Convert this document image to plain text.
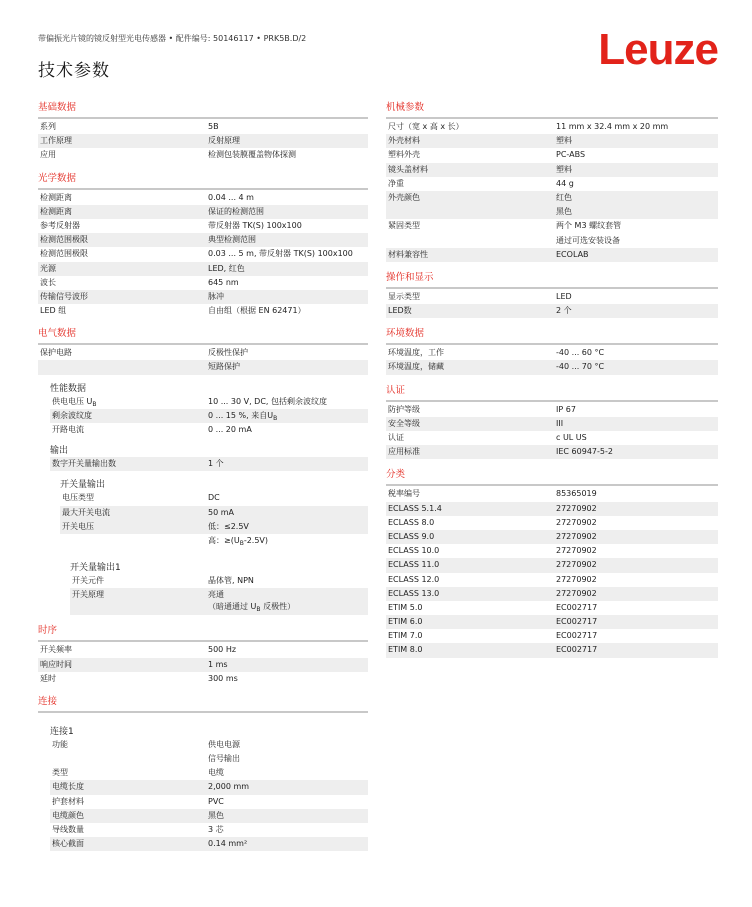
带偏振光片镜的镜反射型光电传感器 • 配件编号: 50146117 • PRK5B.D/2
技术参数	Leuze
基础数据
系列	5B
工作原理	反射原理
应用	检测包装膜覆盖物体探测
光学数据
检测距离	0.04 ... 4 m
检测距离	保证的检测范围
参考反射器	带反射器 TK(S) 100x100
检测范围极限	典型检测范围
检测范围极限	0.03 ... 5 m, 带反射器 TK(S) 100x100
光源	LED, 红色
波长	645 nm
传输信号波形	脉冲
LED 组	自由组（根据 EN 62471）
电气数据
保护电路	反极性保护
短路保护
性能数据
供电电压 $U_B$	10 ... 30 V, DC, 包括剩余波纹度
剩余波纹度	0 ... 15 %, 来自$U_B$
开路电流	0 ... 20 mA
输出
数字开关量输出数	1 个
开关量输出
电压类型	DC
最大开关电流	50 mA
开关电压	低：≤2.5V
高：$\ge(U_B-2.5V)$
开关量输出1
开关元件	晶体管, NPN
开关原理	亮通
（暗通通过 $U_B$ 反极性）
时序
开关频率	500 Hz
响应时间	1 ms
延时	300 ms
连接
连接1
功能	供电电源
信号输出
类型	电缆
电缆长度	2,000 mm
护套材料	PVC
电缆颜色	黑色
导线数量	3 芯
核心截面	0.14 mm²
机械参数
尺寸（宽 x 高 x 长）	11 mm x 32.4 mm x 20 mm
外壳材料	塑料
塑料外壳	PC-ABS
镜头盖材料	塑料
净重	44 g
外壳颜色	红色
黑色
紧固类型	两个 M3 螺纹套管
通过可选安装设备
材料兼容性	ECOLAB
操作和显示
显示类型	LED
LED数	2 个
环境数据
环境温度，工作	-40 ... 60 °C
环境温度，储藏	-40 ... 70 °C
认证
防护等级	IP 67
安全等级	III
认证	c UL US
应用标准	IEC 60947-5-2
分类
税率编号	85365019
ECLASS 5.1.4	27270902
ECLASS 8.0	27270902
ECLASS 9.0	27270902
ECLASS 10.0	27270902
ECLASS 11.0	27270902
ECLASS 12.0	27270902
ECLASS 13.0	27270902
ETIM 5.0	EC002717
ETIM 6.0	EC002717
ETIM 7.0	EC002717
ETIM 8.0	EC002717
